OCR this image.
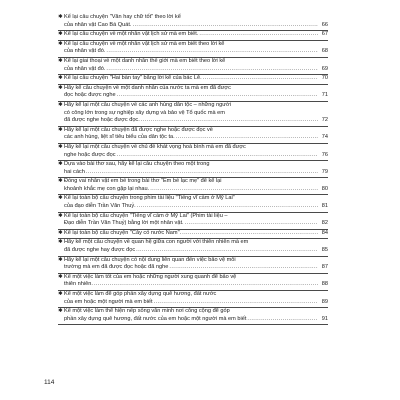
✱ Kể lại câu chuyện "Văn hay chữ tốt" theo lời kể
của nhân vật Cao Bá Quát. .....	66
✱ Kể lại câu chuyện về một nhân vật lịch sử mà em biết. .....	67
✱ Kể lại câu chuyện về một nhân vật lịch sử mà em biết theo lời kể
của nhân vật đó. .....	68
✱ Kể lại giai thoại về một danh nhân thế giới mà em biết theo lời kể
của nhân vật đó. .....	69
✱ Kể lại câu chuyện "Hai bàn tay" bằng lời kể của bác Lê. .....	70
✱ Hãy kể câu chuyện về một danh nhân của nước ta mà em đã được
đọc hoặc được nghe .....	71
✱ Hãy kể lại một câu chuyện về các anh hùng dân tộc – những người
có công lớn trong sự nghiệp xây dựng và bảo vệ Tổ quốc mà em
đã được nghe hoặc được đọc. .....	72
✱ Hãy kể lại một câu chuyện đã được nghe hoặc được đọc về
các anh hùng, liệt sĩ tiêu biểu của dân tộc ta. .....	74
✱ Hãy kể lại một câu chuyện về chủ đề khát vọng hoà bình mà em đã được
nghe hoặc được đọc .....	76
✱ Dựa vào bài thơ sau, hãy kể lại câu chuyện theo một trong
hai cách .....	79
✱ Đóng vai nhân vật em bé trong bài thơ "Em bé lạc mẹ" để kể lại
khoảnh khắc mẹ con gặp lại nhau. .....	80
✱ Kể lại toàn bộ câu chuyện trong phim tài liệu "Tiếng vĩ cầm ở Mỹ Lai"
của đạo diễn Trần Văn Thuỷ. .....	81
✱ Kể lại toàn bộ câu chuyện "Tiếng vĩ cầm ở Mỹ Lai" (Phim tài liệu –
Đạo diễn Trần Văn Thuỷ) bằng lời một nhân vật. .....	82
✱ Kể lại toàn bộ câu chuyện "Cây cỏ nước Nam". .....	84
✱ Hãy kể một câu chuyện về quan hệ giữa con người với thiên nhiên mà em
đã được nghe hay được đọc .....	85
✱ Hãy kể lại một câu chuyện có nội dung liên quan đến việc bảo vệ môi
trường mà em đã được đọc hoặc đã nghe .....	87
✱ Kể một việc làm tốt của em hoặc những người xung quanh để bảo vệ
thiên nhiên. .....	88
✱ Kể một việc làm để góp phần xây dựng quê hương, đất nước
của em hoặc một người mà em biết .....	89
✱ Kể một việc làm thể hiện nếp sống văn minh nơi công cộng để góp
phần xây dựng quê hương, đất nước của em hoặc một người mà em biết .....	91
114
